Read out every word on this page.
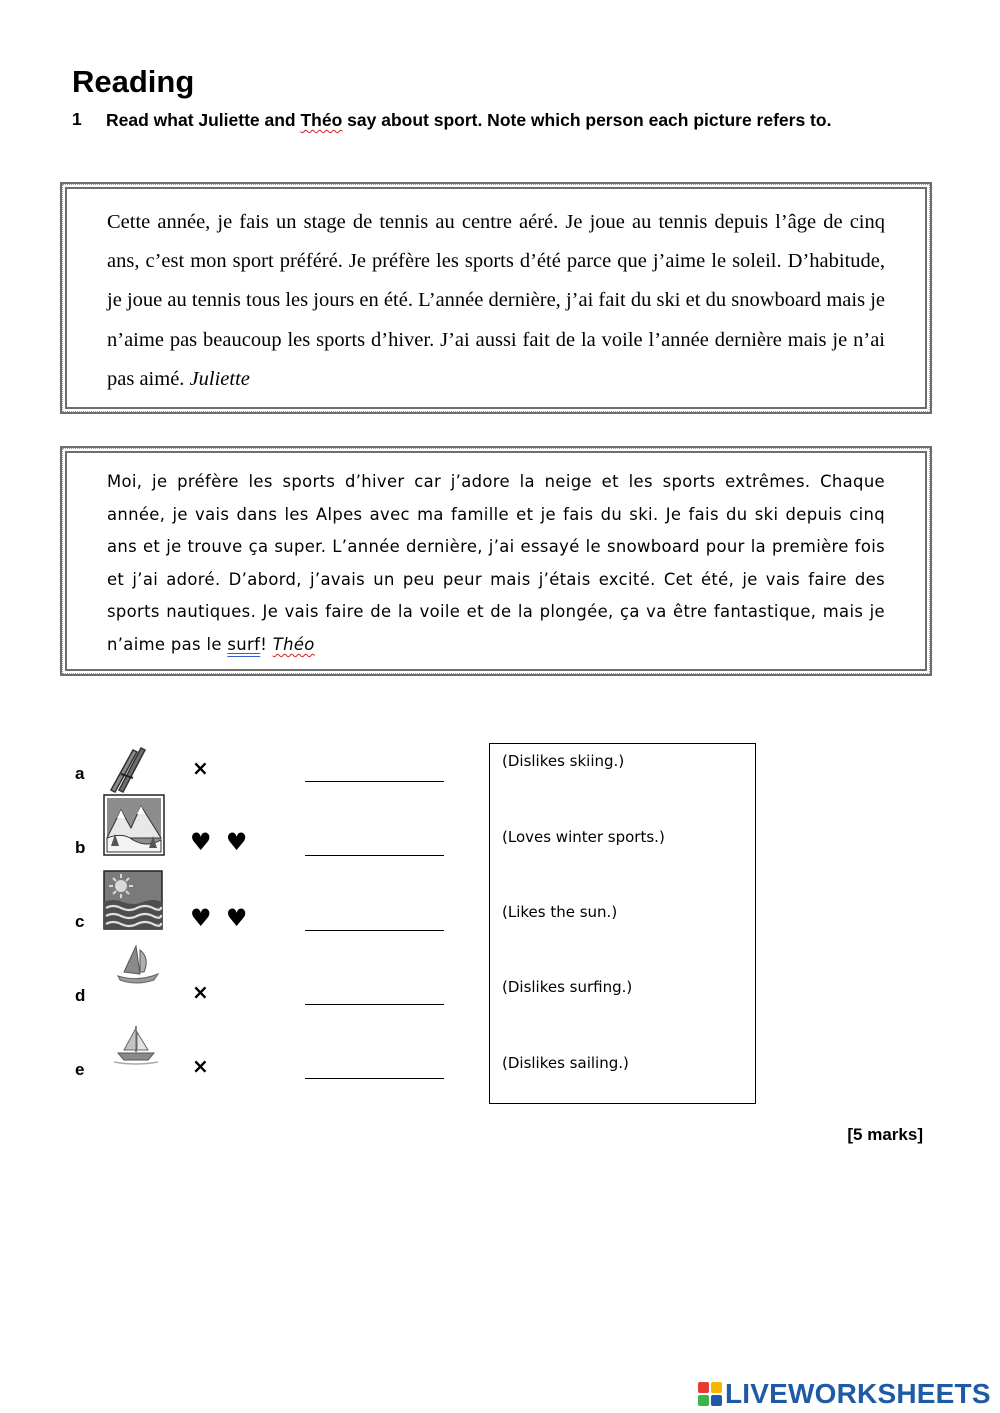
Reading
1 Read what Juliette and Théo say about sport. Note which person each picture refers to.
Cette année, je fais un stage de tennis au centre aéré. Je joue au tennis depuis l’âge de cinq ans, c’est mon sport préféré. Je préfère les sports d’été parce que j’aime le soleil. D’habitude, je joue au tennis tous les jours en été. L’année dernière, j’ai fait du ski et du snowboard mais je n’aime pas beaucoup les sports d’hiver. J’ai aussi fait de la voile l’année dernière mais je n’ai pas aimé. Juliette
Moi, je préfère les sports d’hiver car j’adore la neige et les sports extrêmes. Chaque année, je vais dans les Alpes avec ma famille et je fais du ski. Je fais du ski depuis cinq ans et je trouve ça super. L’année dernière, j’ai essayé le snowboard pour la première fois et j’ai adoré. D’abord, j’avais un peu peur mais j’étais excité. Cet été, je vais faire des sports nautiques. Je vais faire de la voile et de la plongée, ça va être fantastique, mais je n’aime pas le surf! Théo
a	×
b	♥ ♥
c	♥ ♥
d	×
e	×
(Dislikes skiing.)
(Loves winter sports.)
(Likes the sun.)
(Dislikes surfing.)
(Dislikes sailing.)
[5 marks]
LIVEWORKSHEETS
